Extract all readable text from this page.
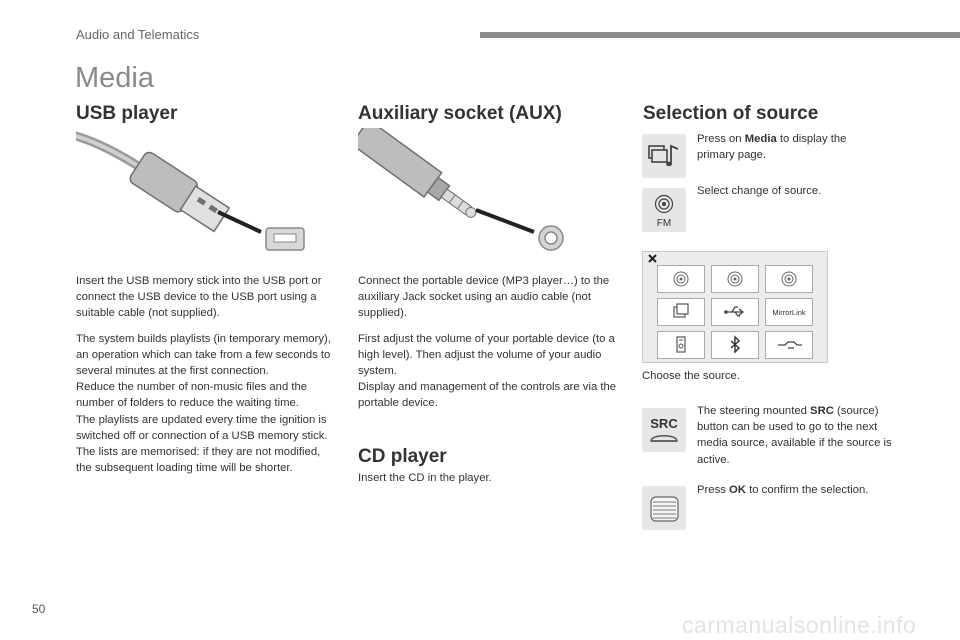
Audio and Telematics
Media
USB player

Insert the USB memory stick into the USB port or connect the USB device to the USB port using a suitable cable (not supplied).

The system builds playlists (in temporary memory), an operation which can take from a few seconds to several minutes at the first connection.

Reduce the number of non-music files and the number of folders to reduce the waiting time.

The playlists are updated every time the ignition is switched off or connection of a USB memory stick. The lists are memorised: if they are not modified, the subsequent loading time will be shorter.

Auxiliary socket (AUX)

Connect the portable device (MP3 player…) to the auxiliary Jack socket using an audio cable (not supplied).

First adjust the volume of your portable device (to a high level). Then adjust the volume of your audio system.

Display and management of the controls are via the portable device.

CD player
Insert the CD in the player.
Selection of source
Press on Media to display the primary page.
FM
Select change of source.
MirrorLink
Choose the source.
SRC
The steering mounted SRC (source) button can be used to go to the next media source, available if the source is active.
Press OK to confirm the selection.
50
carmanualsonline.info
